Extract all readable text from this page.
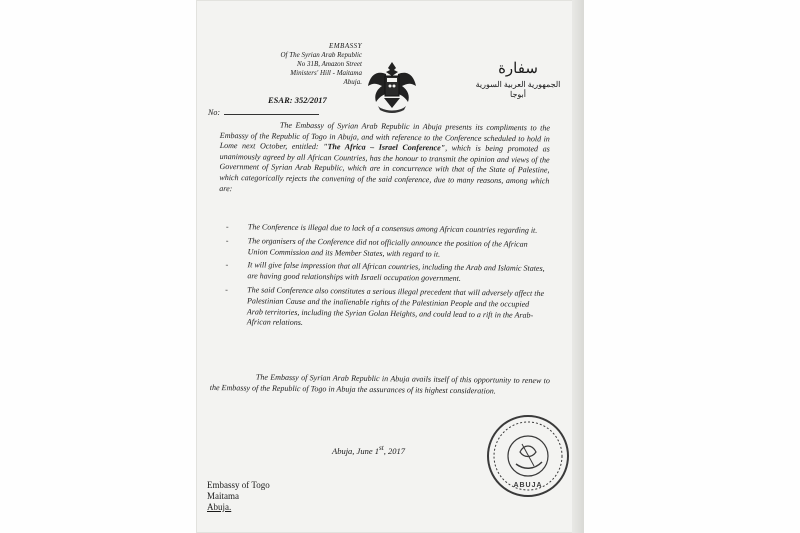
EMBASSY
Of The Syrian Arab Republic
No 31B, Amazon Street
Ministers' Hill - Maitama
Abuja.
ESAR: 352/2017
No:
سفارة
الجمهورية العربية السورية
أبوجا

The Embassy of Syrian Arab Republic in Abuja presents its compliments to the Embassy of the Republic of Togo in Abuja, and with reference to the Conference scheduled to hold in Lome next October, entitled: "The Africa – Israel Conference", which is being promoted as unanimously agreed by all African Countries, has the honour to transmit the opinion and views of the Government of Syrian Arab Republic, which are in concurrence with that of the State of Palestine, which categorically rejects the convening of the said conference, due to many reasons, among which are:

- The Conference is illegal due to lack of a consensus among African countries regarding it.
- The organisers of the Conference did not officially announce the position of the African Union Commission and its Member States, with regard to it.
- It will give false impression that all African countries, including the Arab and Islamic States, are having good relationships with Israeli occupation government.
- The said Conference also constitutes a serious illegal precedent that will adversely affect the Palestinian Cause and the inalienable rights of the Palestinian People and the occupied Arab territories, including the Syrian Golan Heights, and could lead to a rift in the Arab-African relations.

The Embassy of Syrian Arab Republic in Abuja avails itself of this opportunity to renew to the Embassy of the Republic of Togo in Abuja the assurances of its highest consideration.

Abuja, June 1st, 2017
ABUJA
Embassy of Togo
Maitama
Abuja.
